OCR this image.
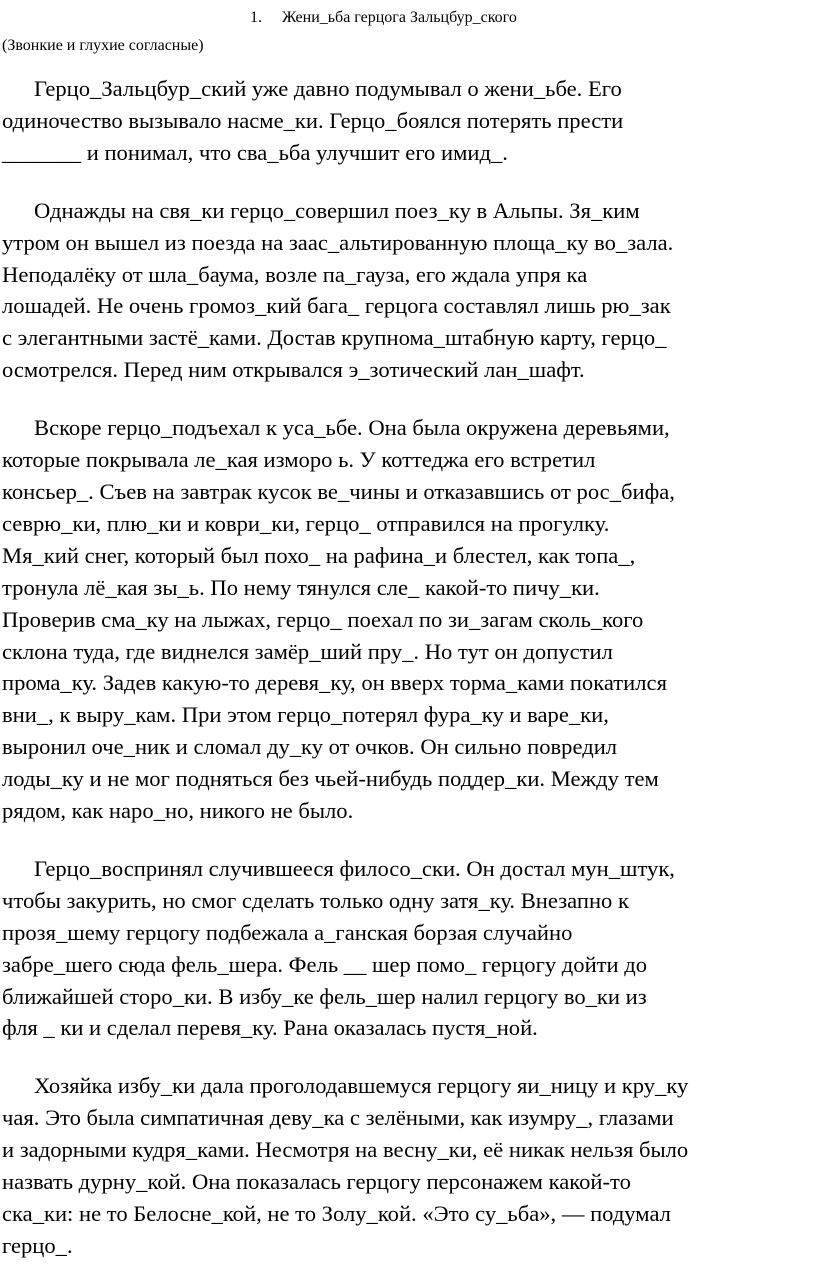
1. Жени_ьба герцога Зальцбур_ского
(Звонкие и глухие согласные)
Герцо_Зальцбур_ский уже давно подумывал о жени_ьбе. Его
одиночество вызывало насме_ки. Герцо_боялся потерять прести
_______ и понимал, что сва_ьба улучшит его имид_.
Однажды на свя_ки герцо_совершил поез_ку в Альпы. Зя_ким
утром он вышел из поезда на заас_альтированную площа_ку во_зала.
Неподалёку от шла_баума, возле па_гауза, его ждала упря ка
лошадей. Не очень громоз_кий бага_ герцога составлял лишь рю_зак
с элегантными застё_ками. Достав крупнома_штабную карту, герцо_
осмотрелся. Перед ним открывался э_зотический лан_шафт.
Вскоре герцо_подъехал к уса_ьбе. Она была окружена деревьями,
которые покрывала ле_кая изморо ь. У коттеджа его встретил
консьер_. Съев на завтрак кусок ве_чины и отказавшись от рос_бифа,
севрю_ки, плю_ки и коври_ки, герцо_ отправился на прогулку.
Мя_кий снег, который был похо_ на рафина_и блестел, как топа_,
тронула лё_кая зы_ь. По нему тянулся сле_ какой-то пичу_ки.
Проверив сма_ку на лыжах, герцо_ поехал по зи_загам сколь_кого
склона туда, где виднелся замёр_ший пру_. Но тут он допустил
прома_ку. Задев какую-то деревя_ку, он вверх торма_ками покатился
вни_, к выру_кам. При этом герцо_потерял фура_ку и варе_ки,
выронил оче_ник и сломал ду_ку от очков. Он сильно повредил
лоды_ку и не мог подняться без чьей-нибудь поддер_ки. Между тем
рядом, как наро_но, никого не было.
Герцо_воспринял случившееся филосо_ски. Он достал мун_штук,
чтобы закурить, но смог сделать только одну затя_ку. Внезапно к
прозя_шему герцогу подбежала а_ганская борзая случайно
забре_шего сюда фель_шера. Фель __ шер помо_ герцогу дойти до
ближайшей сторо_ки. В избу_ке фель_шер налил герцогу во_ки из
фля _ ки и сделал перевя_ку. Рана оказалась пустя_ной.
Хозяйка избу_ки дала проголодавшемуся герцогу яи_ницу и кру_ку
чая. Это была симпатичная деву_ка с зелёными, как изумру_, глазами
и задорными кудря_ками. Несмотря на весну_ки, её никак нельзя было
назвать дурну_кой. Она показалась герцогу персонажем какой-то
ска_ки: не то Белосне_кой, не то Золу_кой. «Это су_ьба», — подумал
герцо_.
